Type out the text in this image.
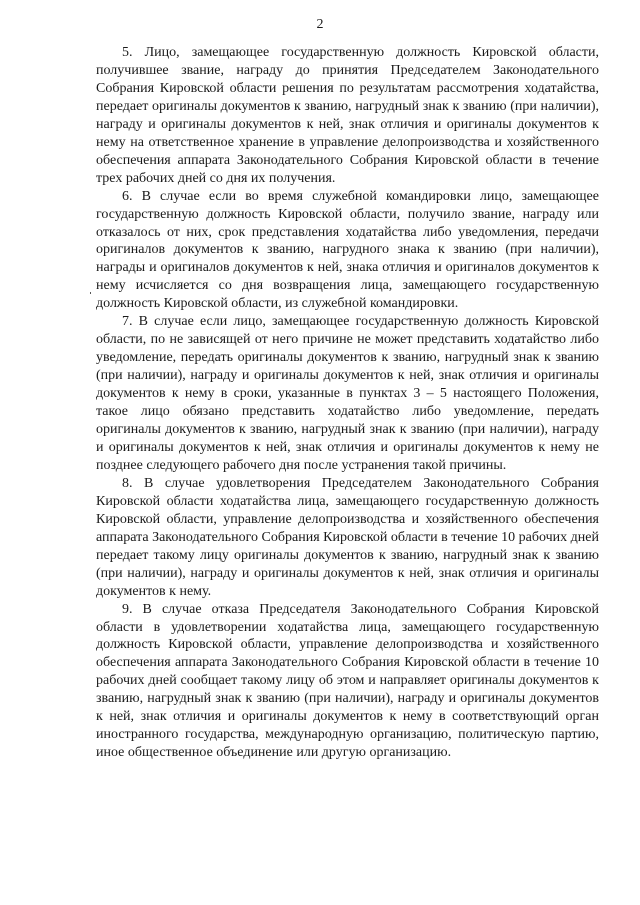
2

5. Лицо, замещающее государственную должность Кировской области, получившее звание, награду до принятия Председателем Законодательного Собрания Кировской области решения по результатам рассмотрения ходатайства, передает оригиналы документов к званию, нагрудный знак к званию (при наличии), награду и оригиналы документов к ней, знак отличия и оригиналы документов к нему на ответственное хранение в управление делопроизводства и хозяйственного обеспечения аппарата Законодательного Собрания Кировской области в течение трех рабочих дней со дня их получения.

6. В случае если во время служебной командировки лицо, замещающее государственную должность Кировской области, получило звание, награду или отказалось от них, срок представления ходатайства либо уведомления, передачи оригиналов документов к званию, нагрудного знака к званию (при наличии), награды и оригиналов документов к ней, знака отличия и оригиналов документов к нему исчисляется со дня возвращения лица, замещающего государственную должность Кировской области, из служебной командировки.

7. В случае если лицо, замещающее государственную должность Кировской области, по не зависящей от него причине не может представить ходатайство либо уведомление, передать оригиналы документов к званию, нагрудный знак к званию (при наличии), награду и оригиналы документов к ней, знак отличия и оригиналы документов к нему в сроки, указанные в пунктах 3 – 5 настоящего Положения, такое лицо обязано представить ходатайство либо уведомление, передать оригиналы документов к званию, нагрудный знак к званию (при наличии), награду и оригиналы документов к ней, знак отличия и оригиналы документов к нему не позднее следующего рабочего дня после устранения такой причины.

8. В случае удовлетворения Председателем Законодательного Собрания Кировской области ходатайства лица, замещающего государственную должность Кировской области, управление делопроизводства и хозяйственного обеспечения аппарата Законодательного Собрания Кировской области в течение 10 рабочих дней передает такому лицу оригиналы документов к званию, нагрудный знак к званию (при наличии), награду и оригиналы документов к ней, знак отличия и оригиналы документов к нему.

9. В случае отказа Председателя Законодательного Собрания Кировской области в удовлетворении ходатайства лица, замещающего государственную должность Кировской области, управление делопроизводства и хозяйственного обеспечения аппарата Законодательного Собрания Кировской области в течение 10 рабочих дней сообщает такому лицу об этом и направляет оригиналы документов к званию, нагрудный знак к званию (при наличии), награду и оригиналы документов к ней, знак отличия и оригиналы документов к нему в соответствующий орган иностранного государства, международную организацию, политическую партию, иное общественное объединение или другую организацию.
